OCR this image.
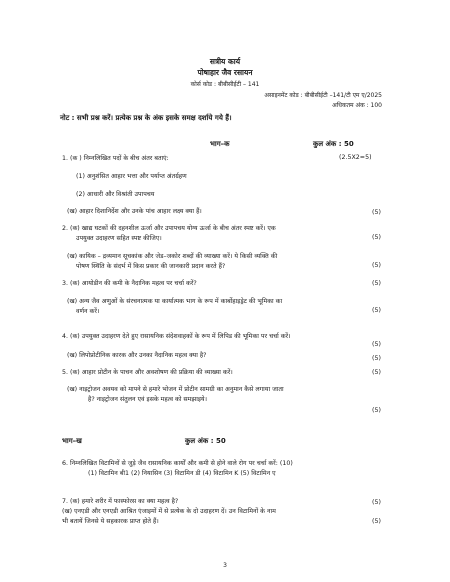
सत्रीय कार्य
पोषाहार जैव रसायन
कोर्स कोड : बीबीसीईटी – 141
असाइनमेंट कोड : बीबीसीईटी –141/टी एम ए/2025
अधिकतम अंक : 100
नोट : सभी प्रश्न करें। प्रत्येक प्रश्न के अंक इसके समक्ष दर्शाये गये हैं।
भाग–क	कुल अंक : 50
1. (क ) निम्नलिखित पदों के बीच अंतर बताएं:	(2.5X2=5)
(1) अनुशंसित आहार भत्ता और पर्याप्त अंतर्ग्रहण
(2) आधारी और विश्रांती उपापचय
(ख) आहार दिशानिर्देश और उनके पांच आहार लक्ष्य क्या हैं।	(5)
2. (क) खाद्य घटकों की दहनशील ऊर्जा और उपापचय योग्य ऊर्जा के बीच अंतर स्पष्ट करें। एक
उपयुक्त उदाहरण सहित स्पष्ट कीजिए।	(5)
(ख) कायिक – द्रव्यमान सूचकांक और जेड–जकोर शब्दों की व्याख्या करें। ये किसी व्यक्ति की
पोषण स्थिति के संदर्भ में किस प्रकार की जानकारी प्रदान करते हैं?	(5)
3. (क) आयोडीन की कमी के नैदानिक महत्व पर चर्चा करें?	(5)
(ख) अन्य जैव अणुओं के संरचनात्मक या कार्यात्मक भाग के रूप में कार्बोहाइड्रेट की भूमिका का
वर्णन करें।	(5)
4. (क) उपयुक्त उदाहरण देते हुए रासायनिक संदेशवाहकों के रूप में लिपिड की भूमिका पर चर्चा करें।
(5)
(ख) लिपोप्रोटीनिक कारक और उनका नैदानिक महत्व क्या है?	(5)
5. (क) आहार प्रोटीन के पाचन और अवशोषण की प्रक्रिया की व्याख्या करें।	(5)
(ख) नाइट्रोजन अवयव को मापने से हमारे भोजन में प्रोटीन सामग्री का अनुमान कैसे लगाया जाता
है? नाइट्रोजन संतुलन एवं इसके महत्व को समझाइये।
(5)
भाग–ख	कुल अंक : 50
6. निम्नलिखित विटामिनों से जुड़े जैव रासायनिक कार्यों और कमी से होने वाले रोग पर चर्चा करें: (10)
(1) विटामिन बी1 (2) नियासिन (3) विटामिन डी (4) विटामिन K (5) विटामिन ए
7. (क) हमारे शरीर में फास्फोरस का क्या महत्व है?	(5)
(ख) एनएडी और एनएडी आश्रित एंजाइमों में से प्रत्येक के दो उदाहरण दें। उन विटामिनों के नाम
भी बतायें जिनसे ये सहकारक प्राप्त होते हैं।	(5)
3
